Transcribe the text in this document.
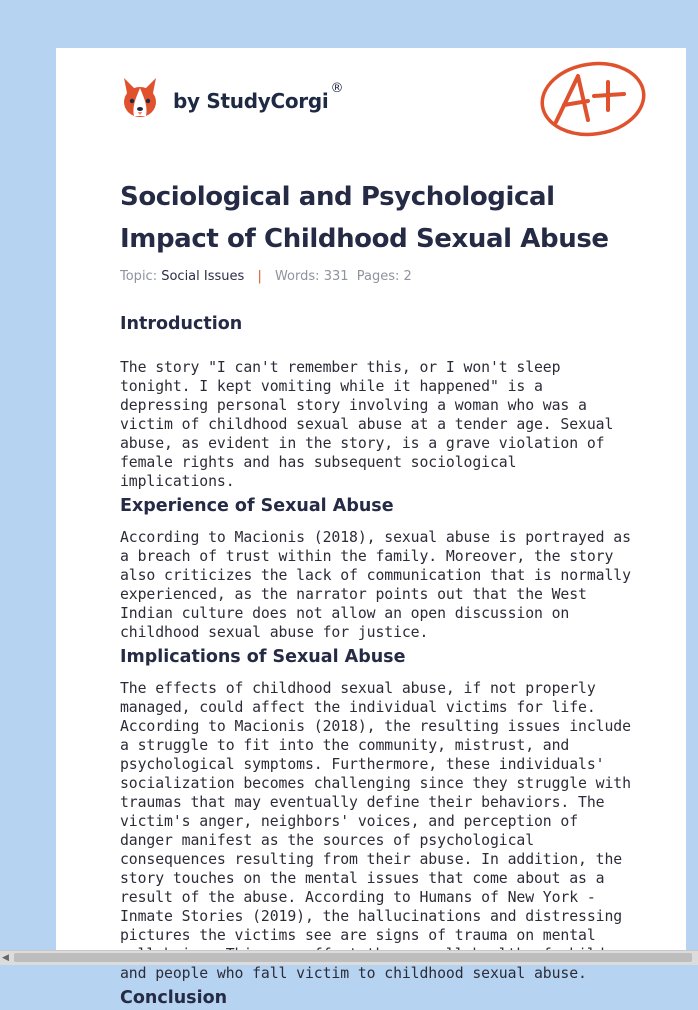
by StudyCorgi®
Sociological and Psychological Impact of Childhood Sexual Abuse
Topic: Social Issues | Words: 331 Pages: 2
Introduction

The story "I can't remember this, or I won't sleep tonight. I kept vomiting while it happened" is a depressing personal story involving a woman who was a victim of childhood sexual abuse at a tender age. Sexual abuse, as evident in the story, is a grave violation of female rights and has subsequent sociological implications.

Experience of Sexual Abuse

According to Macionis (2018), sexual abuse is portrayed as a breach of trust within the family. Moreover, the story also criticizes the lack of communication that is normally experienced, as the narrator points out that the West Indian culture does not allow an open discussion on childhood sexual abuse for justice.

Implications of Sexual Abuse

The effects of childhood sexual abuse, if not properly managed, could affect the individual victims for life. According to Macionis (2018), the resulting issues include a struggle to fit into the community, mistrust, and psychological symptoms. Furthermore, these individuals' socialization becomes challenging since they struggle with traumas that may eventually define their behaviors. The victim's anger, neighbors' voices, and perception of danger manifest as the sources of psychological consequences resulting from their abuse. In addition, the story touches on the mental issues that come about as a result of the abuse. According to Humans of New York - Inmate Stories (2019), the hallucinations and distressing pictures the victims see are signs of trauma on mental and people who fall victim to childhood sexual abuse.

Conclusion
◀
